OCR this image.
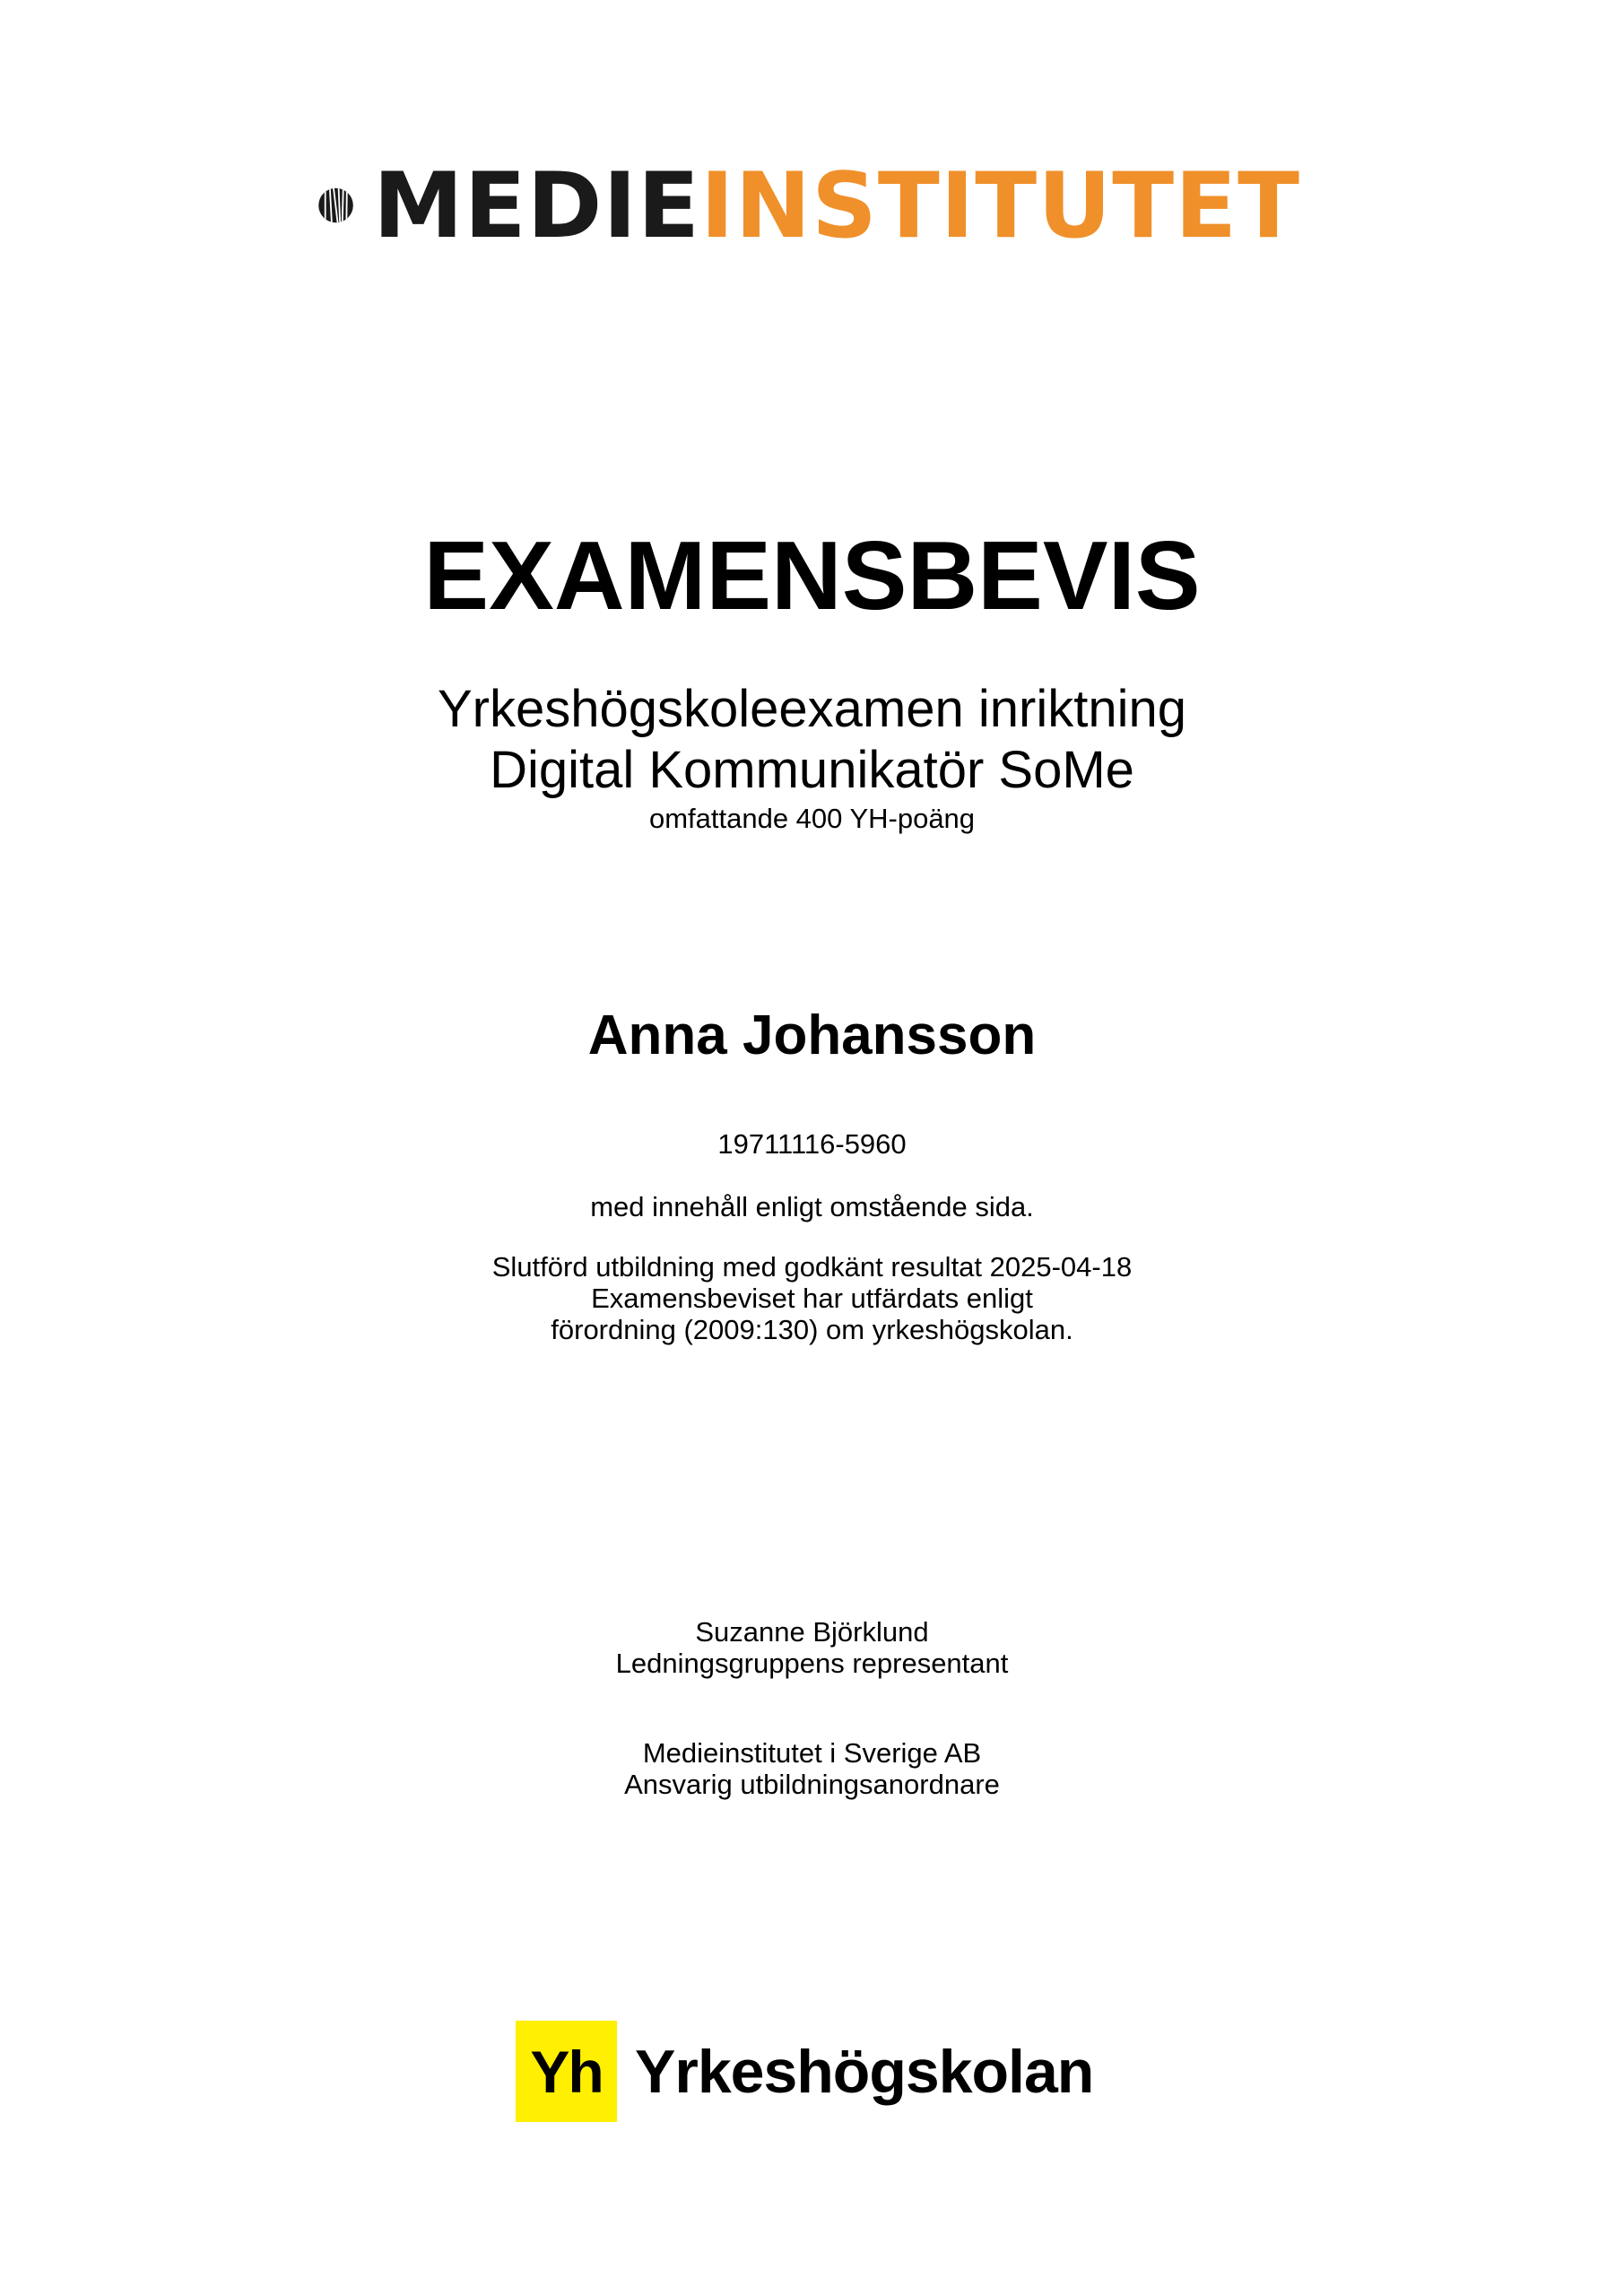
MEDIEINSTITUTET
EXAMENSBEVIS
Yrkeshögskoleexamen inriktning
Digital Kommunikatör SoMe
omfattande 400 YH-poäng
Anna Johansson
19711116-5960
med innehåll enligt omstående sida.
Slutförd utbildning med godkänt resultat 2025-04-18
Examensbeviset har utfärdats enligt
förordning (2009:130) om yrkeshögskolan.
Suzanne Björklund
Ledningsgruppens representant
Medieinstitutet i Sverige AB
Ansvarig utbildningsanordnare
Yh Yrkeshögskolan
